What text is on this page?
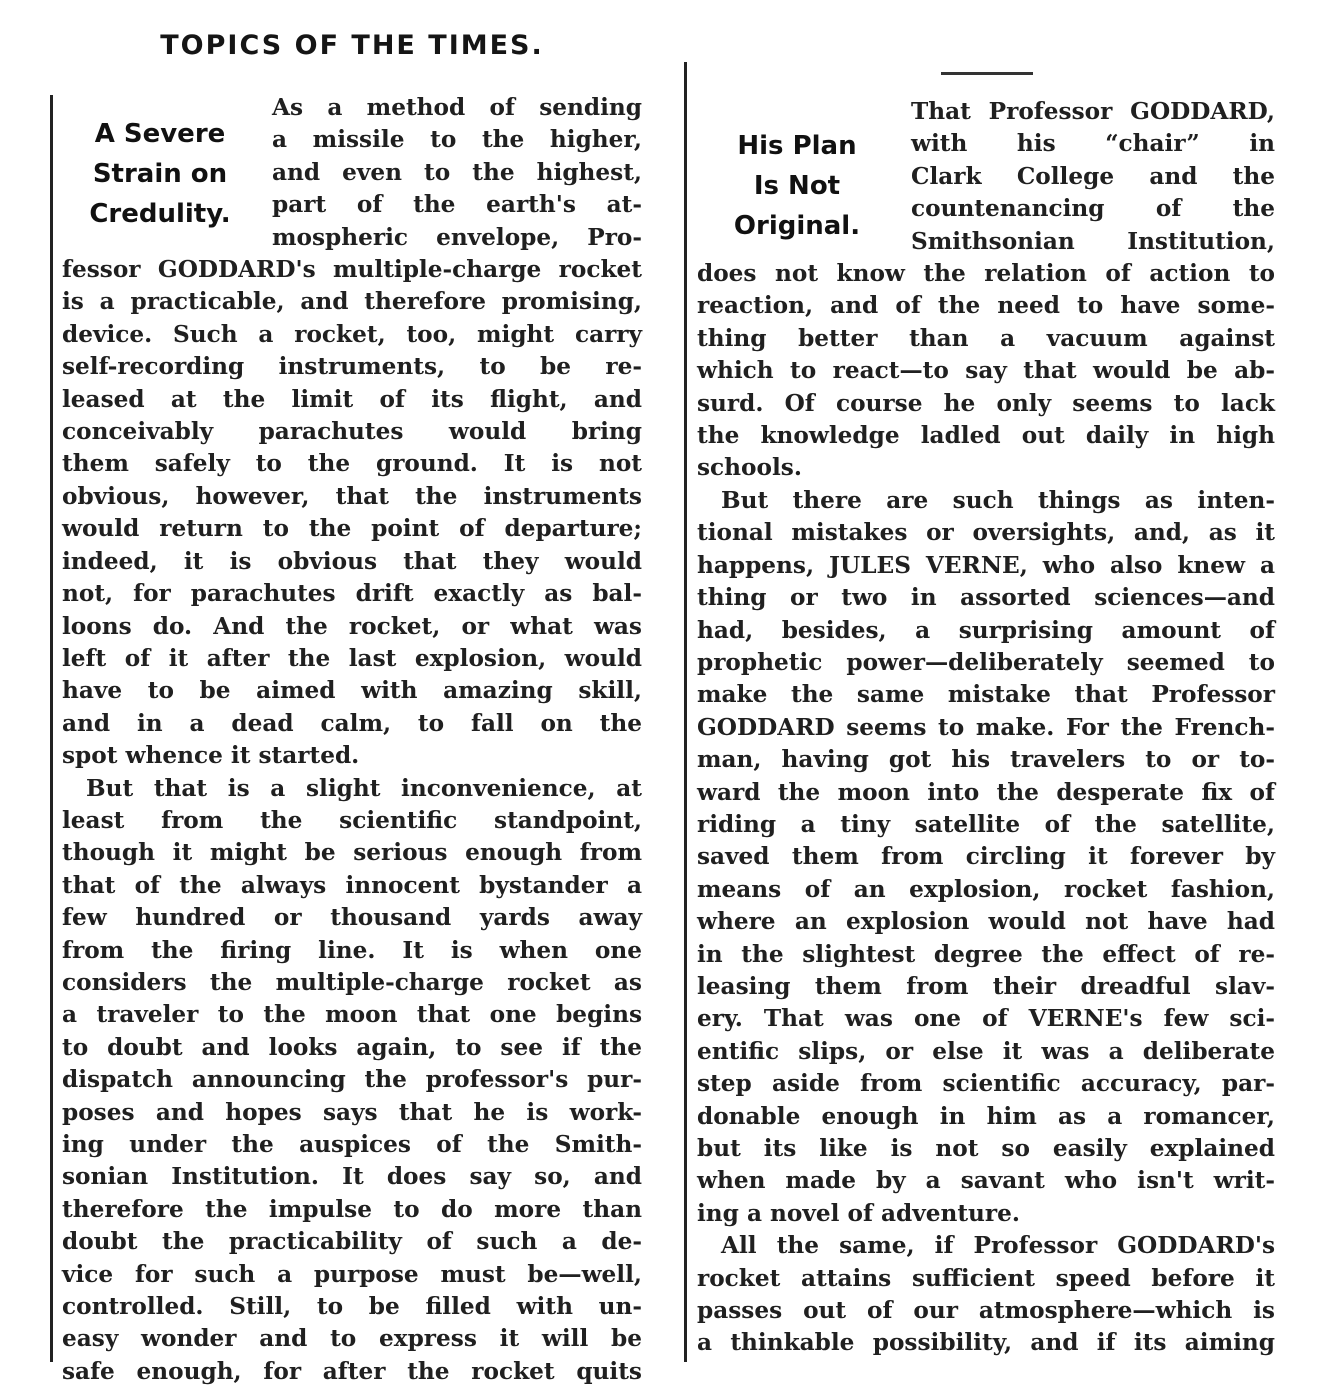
TOPICS OF THE TIMES.
A Severe
Strain on
Credulity.
As a method of sending
a missile to the higher,
and even to the highest,
part of the earth's at-
mospheric envelope, Pro-
fessor GODDARD's multiple-charge rocket
is a practicable, and therefore promising,
device. Such a rocket, too, might carry
self-recording instruments, to be re-
leased at the limit of its flight, and
conceivably parachutes would bring
them safely to the ground. It is not
obvious, however, that the instruments
would return to the point of departure;
indeed, it is obvious that they would
not, for parachutes drift exactly as bal-
loons do. And the rocket, or what was
left of it after the last explosion, would
have to be aimed with amazing skill,
and in a dead calm, to fall on the
spot whence it started.
But that is a slight inconvenience, at
least from the scientific standpoint,
though it might be serious enough from
that of the always innocent bystander a
few hundred or thousand yards away
from the firing line. It is when one
considers the multiple-charge rocket as
a traveler to the moon that one begins
to doubt and looks again, to see if the
dispatch announcing the professor's pur-
poses and hopes says that he is work-
ing under the auspices of the Smith-
sonian Institution. It does say so, and
therefore the impulse to do more than
doubt the practicability of such a de-
vice for such a purpose must be—well,
controlled. Still, to be filled with un-
easy wonder and to express it will be
safe enough, for after the rocket quits
His Plan
Is Not
Original.
That Professor GODDARD,
with his “chair” in
Clark College and the
countenancing of the
Smithsonian Institution,
does not know the relation of action to
reaction, and of the need to have some-
thing better than a vacuum against
which to react—to say that would be ab-
surd. Of course he only seems to lack
the knowledge ladled out daily in high
schools.
But there are such things as inten-
tional mistakes or oversights, and, as it
happens, JULES VERNE, who also knew a
thing or two in assorted sciences—and
had, besides, a surprising amount of
prophetic power—deliberately seemed to
make the same mistake that Professor
GODDARD seems to make. For the French-
man, having got his travelers to or to-
ward the moon into the desperate fix of
riding a tiny satellite of the satellite,
saved them from circling it forever by
means of an explosion, rocket fashion,
where an explosion would not have had
in the slightest degree the effect of re-
leasing them from their dreadful slav-
ery. That was one of VERNE's few sci-
entific slips, or else it was a deliberate
step aside from scientific accuracy, par-
donable enough in him as a romancer,
but its like is not so easily explained
when made by a savant who isn't writ-
ing a novel of adventure.
All the same, if Professor GODDARD's
rocket attains sufficient speed before it
passes out of our atmosphere—which is
a thinkable possibility, and if its aiming
